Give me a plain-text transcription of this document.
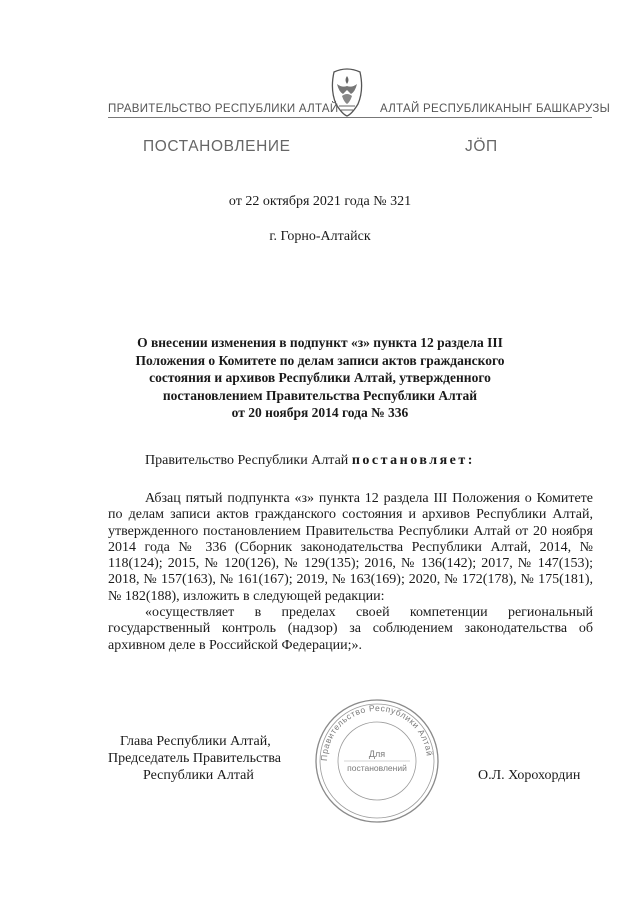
ПРАВИТЕЛЬСТВО РЕСПУБЛИКИ АЛТАЙ	АЛТАЙ РЕСПУБЛИКАНЫҤ БАШКАРУЗЫ
ПОСТАНОВЛЕНИЕ	ЈӦП
от 22 октября 2021 года № 321
г. Горно-Алтайск
О внесении изменения в подпункт «з» пункта 12 раздела III
Положения о Комитете по делам записи актов гражданского
состояния и архивов Республики Алтай, утвержденного
постановлением Правительства Республики Алтай
от 20 ноября 2014 года № 336

Правительство Республики Алтай постановляет:

Абзац пятый подпункта «з» пункта 12 раздела III Положения о Комитете по делам записи актов гражданского состояния и архивов Республики Алтай, утвержденного постановлением Правительства Республики Алтай от 20 ноября 2014 года № 336 (Сборник законодательства Республики Алтай, 2014, № 118(124); 2015, № 120(126), № 129(135); 2016, № 136(142); 2017, № 147(153); 2018, № 157(163), № 161(167); 2019, № 163(169); 2020, № 172(178), № 175(181), № 182(188), изложить в следующей редакции:

«осуществляет в пределах своей компетенции региональный государственный контроль (надзор) за соблюдением законодательства об архивном деле в Российской Федерации;».

Глава Республики Алтай,
Председатель Правительства
Республики Алтай	О.Л. Хорохордин
Правительство Республики Алтай
Для
постановлений
